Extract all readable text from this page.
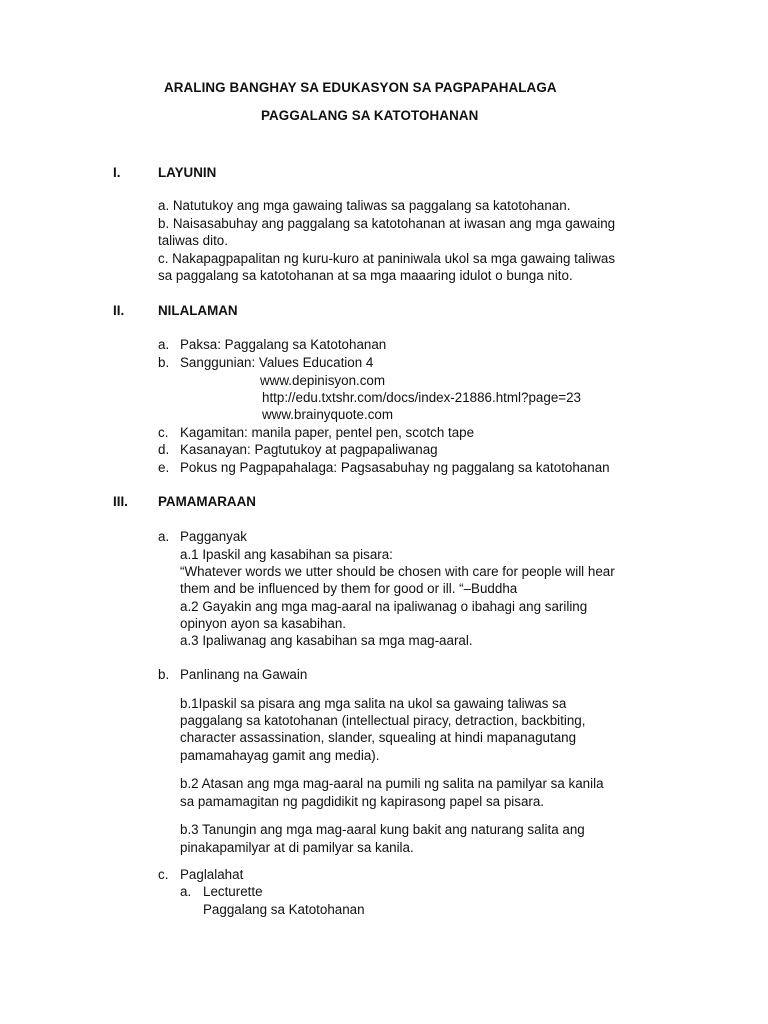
ARALING BANGHAY SA EDUKASYON SA PAGPAPAHALAGA
PAGGALANG SA KATOTOHANAN
I.	LAYUNIN
a. Natutukoy ang mga gawaing taliwas sa paggalang sa katotohanan.
b. Naisasabuhay ang paggalang sa katotohanan at iwasan ang mga gawaing
taliwas dito.
c. Nakapagpapalitan ng kuru-kuro at paniniwala ukol sa mga gawaing taliwas
sa paggalang sa katotohanan at sa mga maaaring idulot o bunga nito.
II.	NILALAMAN
a. Paksa: Paggalang sa Katotohanan
b. Sanggunian: Values Education 4
www.depinisyon.com
http://edu.txtshr.com/docs/index-21886.html?page=23
www.brainyquote.com
c. Kagamitan: manila paper, pentel pen, scotch tape
d. Kasanayan: Pagtutukoy at pagpapaliwanag
e. Pokus ng Pagpapahalaga: Pagsasabuhay ng paggalang sa katotohanan
III. PAMAMARAAN
a. Pagganyak
a.1 Ipaskil ang kasabihan sa pisara:
“Whatever words we utter should be chosen with care for people will hear
them and be influenced by them for good or ill. “–Buddha
a.2 Gayakin ang mga mag-aaral na ipaliwanag o ibahagi ang sariling
opinyon ayon sa kasabihan.
a.3 Ipaliwanag ang kasabihan sa mga mag-aaral.
b. Panlinang na Gawain
b.1Ipaskil sa pisara ang mga salita na ukol sa gawaing taliwas sa
paggalang sa katotohanan (intellectual piracy, detraction, backbiting,
character assassination, slander, squealing at hindi mapanagutang
pamamahayag gamit ang media).
b.2 Atasan ang mga mag-aaral na pumili ng salita na pamilyar sa kanila
sa pamamagitan ng pagdidikit ng kapirasong papel sa pisara.
b.3 Tanungin ang mga mag-aaral kung bakit ang naturang salita ang
pinakapamilyar at di pamilyar sa kanila.
c. Paglalahat
a. Lecturette
Paggalang sa Katotohanan
